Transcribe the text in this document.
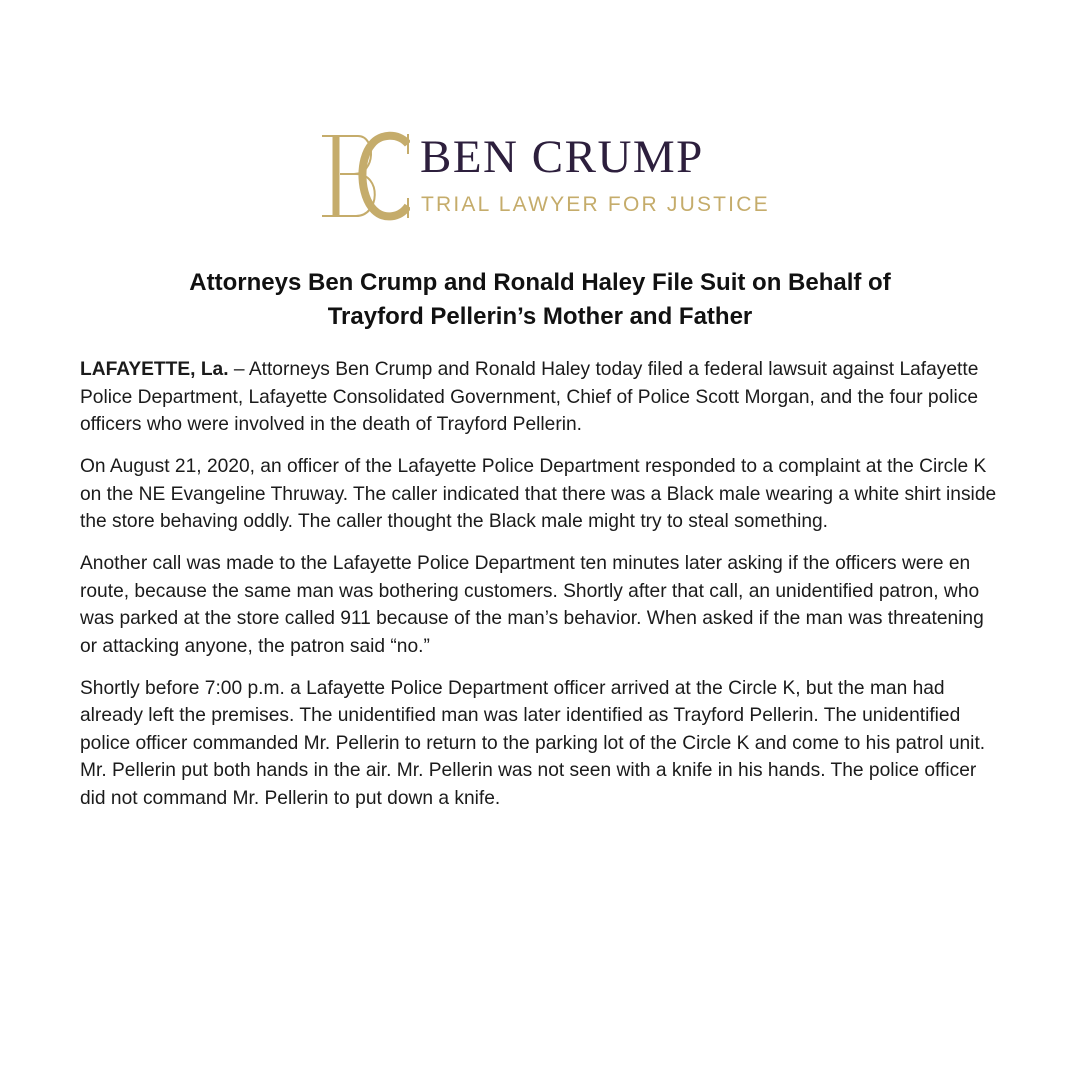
BEN CRUMP
TRIAL LAWYER FOR JUSTICE
Attorneys Ben Crump and Ronald Haley File Suit on Behalf of
Trayford Pellerin’s Mother and Father

LAFAYETTE, La. – Attorneys Ben Crump and Ronald Haley today filed a federal lawsuit against Lafayette Police Department, Lafayette Consolidated Government, Chief of Police Scott Morgan, and the four police officers who were involved in the death of Trayford Pellerin.

On August 21, 2020, an officer of the Lafayette Police Department responded to a complaint at the Circle K on the NE Evangeline Thruway. The caller indicated that there was a Black male wearing a white shirt inside the store behaving oddly. The caller thought the Black male might try to steal something.

Another call was made to the Lafayette Police Department ten minutes later asking if the officers were en route, because the same man was bothering customers. Shortly after that call, an unidentified patron, who was parked at the store called 911 because of the man’s behavior. When asked if the man was threatening or attacking anyone, the patron said “no.”

Shortly before 7:00 p.m. a Lafayette Police Department officer arrived at the Circle K, but the man had already left the premises. The unidentified man was later identified as Trayford Pellerin. The unidentified police officer commanded Mr. Pellerin to return to the parking lot of the Circle K and come to his patrol unit. Mr. Pellerin put both hands in the air. Mr. Pellerin was not seen with a knife in his hands. The police officer did not command Mr. Pellerin to put down a knife.
